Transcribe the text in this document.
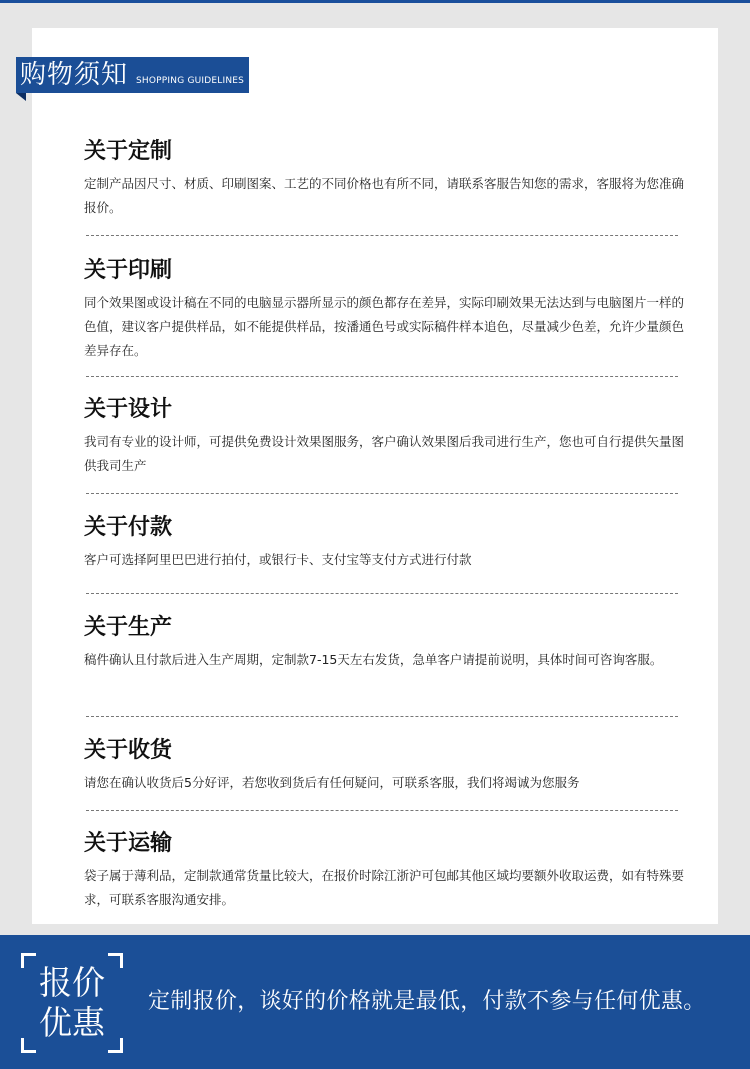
购物须知 SHOPPING GUIDELINES
关于定制
定制产品因尺寸、材质、印刷图案、工艺的不同价格也有所不同，请联系客服告知您的需求，客服将为您准确报价。
关于印刷
同个效果图或设计稿在不同的电脑显示器所显示的颜色都存在差异，实际印刷效果无法达到与电脑图片一样的色值，建议客户提供样品，如不能提供样品，按潘通色号或实际稿件样本追色，尽量减少色差，允许少量颜色差异存在。
关于设计
我司有专业的设计师，可提供免费设计效果图服务，客户确认效果图后我司进行生产，您也可自行提供矢量图供我司生产
关于付款
客户可选择阿里巴巴进行拍付，或银行卡、支付宝等支付方式进行付款
关于生产
稿件确认且付款后进入生产周期，定制款7-15天左右发货，急单客户请提前说明，具体时间可咨询客服。
关于收货
请您在确认收货后5分好评，若您收到货后有任何疑问，可联系客服，我们将竭诚为您服务
关于运输
袋子属于薄利品，定制款通常货量比较大，在报价时除江浙沪可包邮其他区域均要额外收取运费，如有特殊要求，可联系客服沟通安排。
报价
优惠
定制报价，谈好的价格就是最低，付款不参与任何优惠。
